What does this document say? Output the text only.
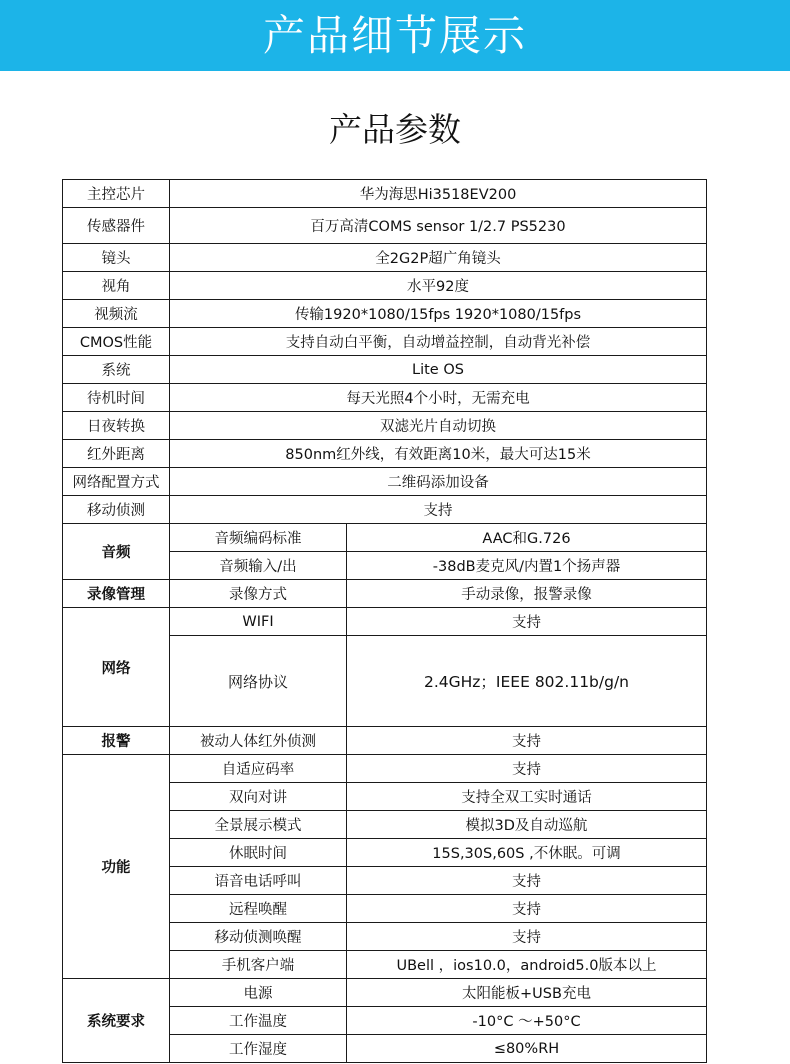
产品细节展示
产品参数
主控芯片	华为海思Hi3518EV200	
传感器件	百万高清COMS sensor 1/2.7 PS5230	
镜头	全2G2P超广角镜头	
视角	水平92度	
视频流	传输1920*1080/15fps 1920*1080/15fps	
CMOS性能	支持自动白平衡，自动增益控制，自动背光补偿	
系统	Lite OS	
待机时间	每天光照4个小时，无需充电	
日夜转换	双滤光片自动切换	
红外距离	850nm红外线，有效距离10米，最大可达15米	
网络配置方式	二维码添加设备	
移动侦测	支持	
音频	音频编码标准	AAC和G.726
	音频输入/出	-38dB麦克风/内置1个扬声器
录像管理	录像方式	手动录像，报警录像
网络	WIFI	支持
	网络协议	2.4GHz；IEEE 802.11b/g/n
报警	被动人体红外侦测	支持
功能	自适应码率	支持
	双向对讲	支持全双工实时通话
	全景展示模式	模拟3D及自动巡航
	休眠时间	15S,30S,60S ,不休眠。可调
	语音电话呼叫	支持
	远程唤醒	支持
	移动侦测唤醒	支持
	手机客户端	UBell ，ios10.0，android5.0版本以上
系统要求	电源	太阳能板+USB充电
	工作温度	-10°C ～+50°C
	工作湿度	≤80%RH
